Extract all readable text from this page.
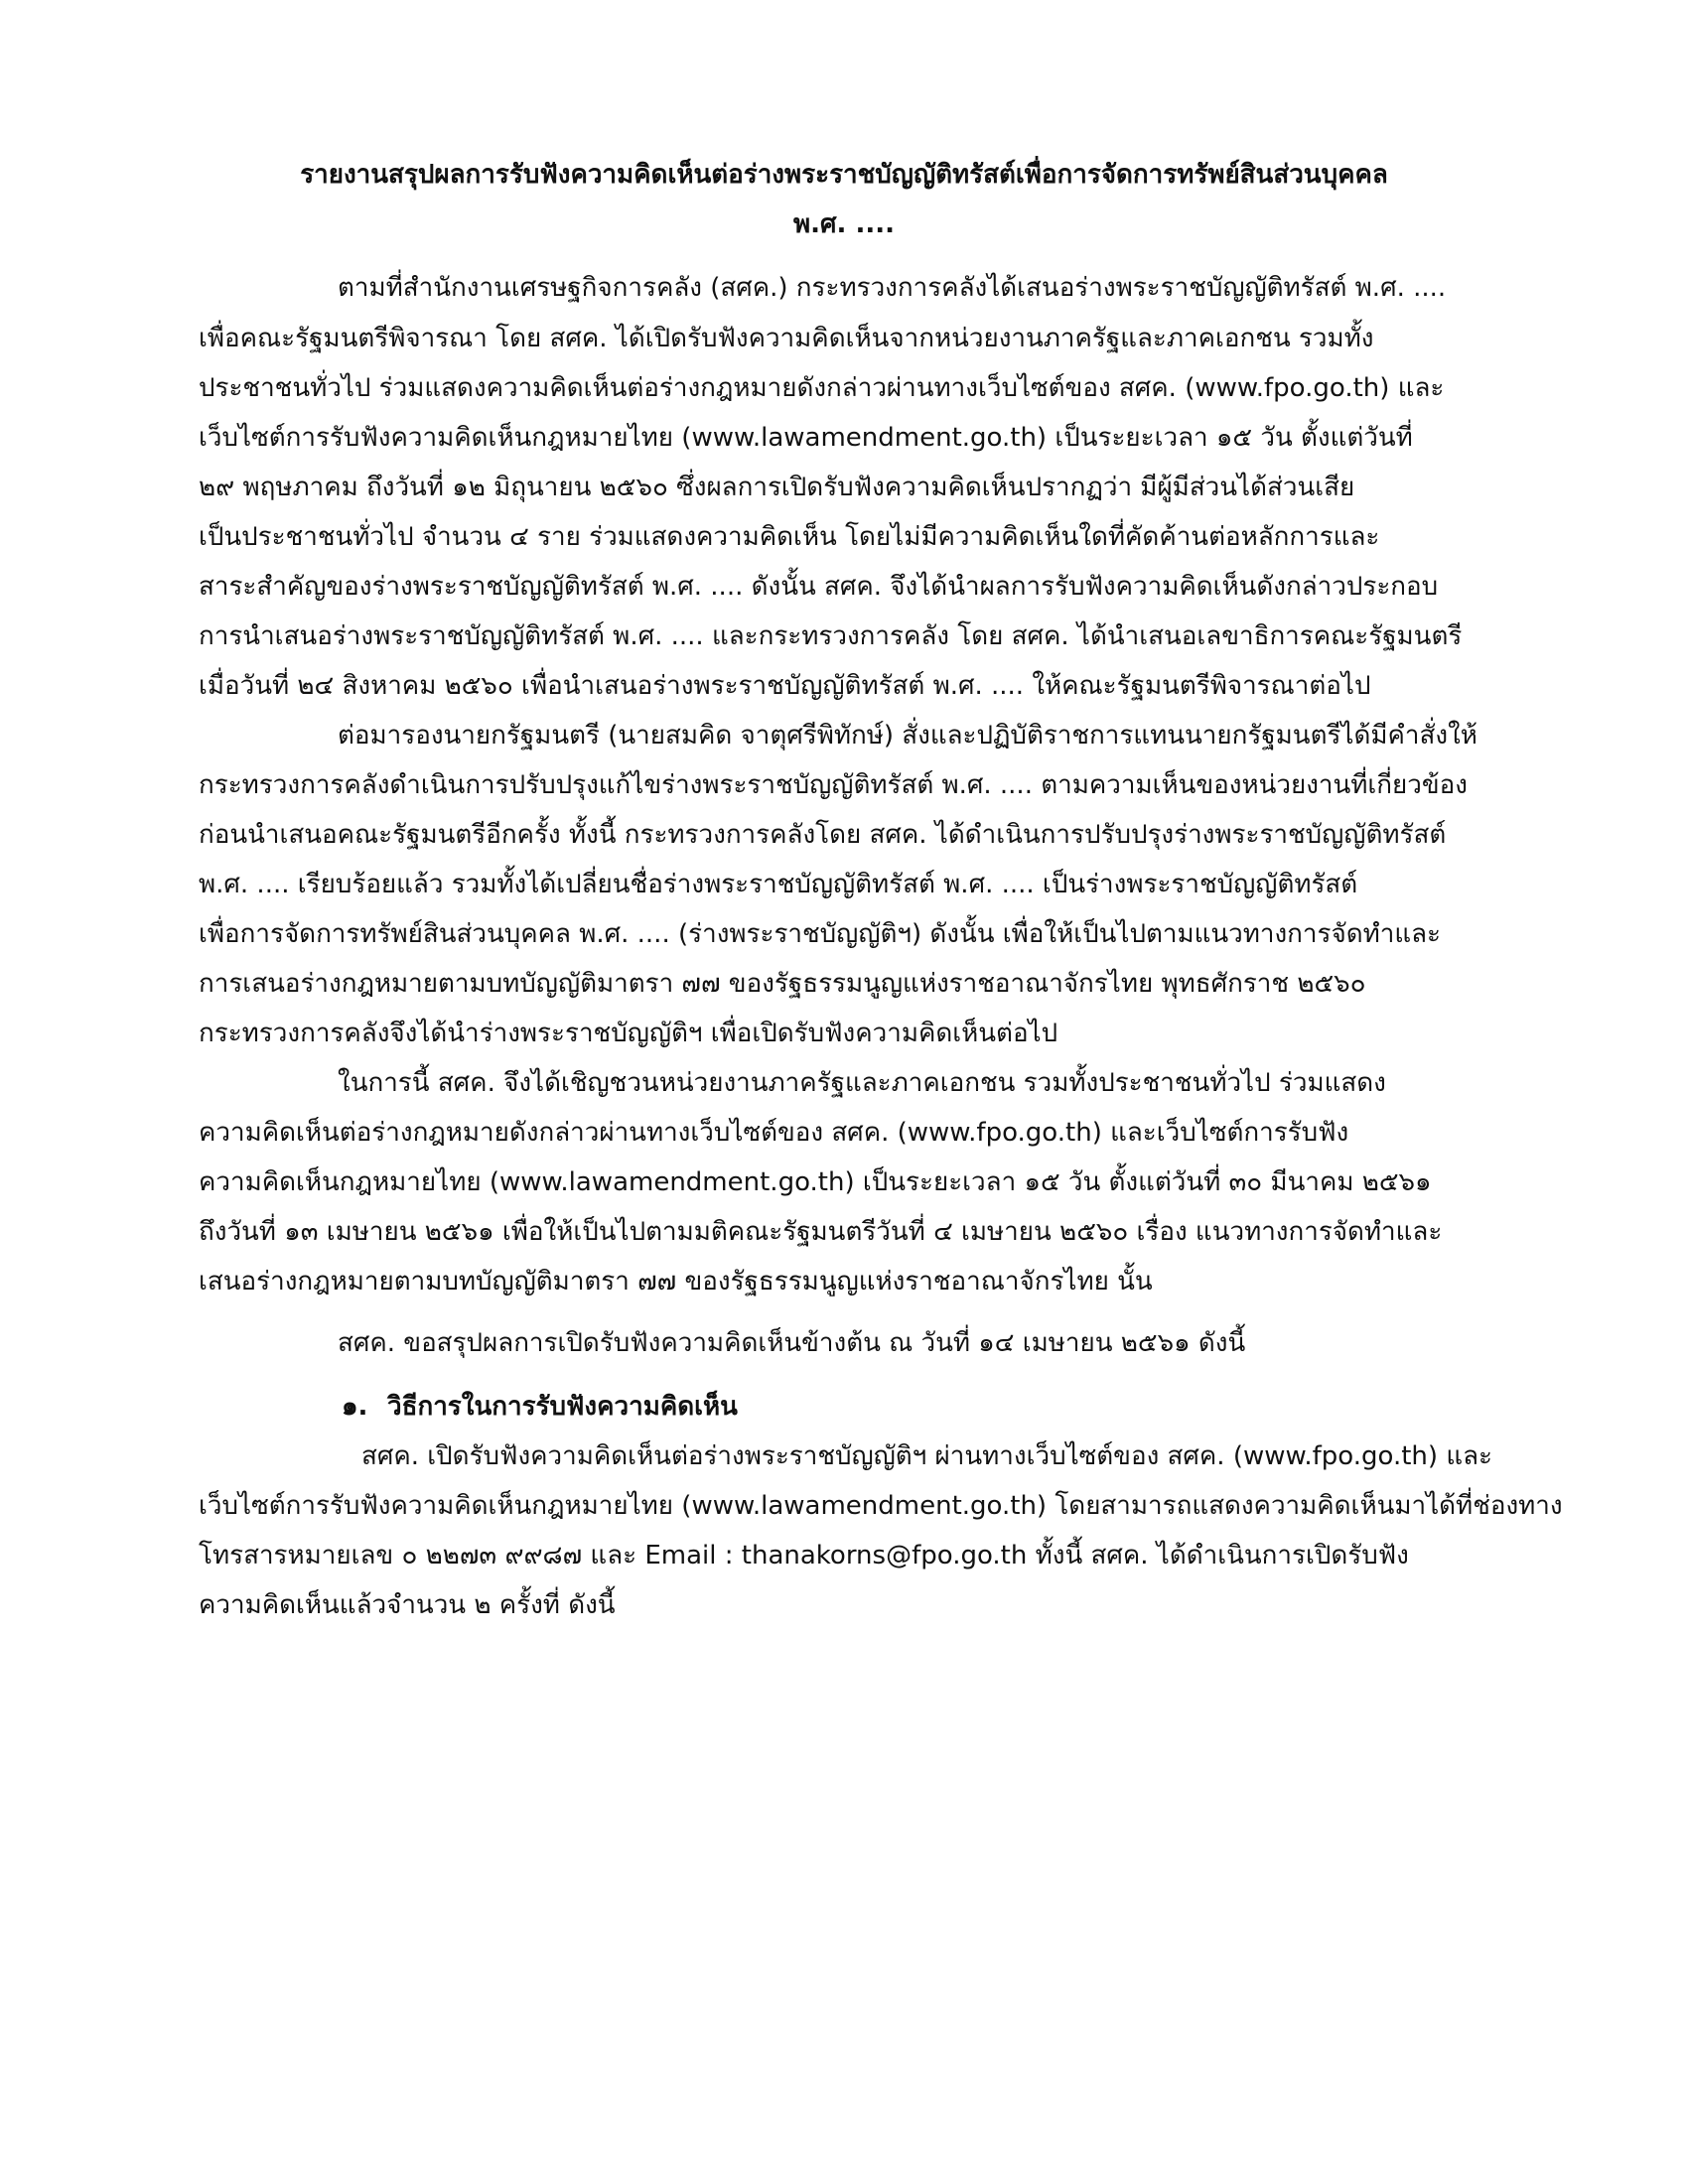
รายงานสรุปผลการรับฟังความคิดเห็นต่อร่างพระราชบัญญัติทรัสต์เพื่อการจัดการทรัพย์สินส่วนบุคคล
พ.ศ. ....
ตามที่สำนักงานเศรษฐกิจการคลัง (สศค.) กระทรวงการคลังได้เสนอร่างพระราชบัญญัติทรัสต์ พ.ศ. ....
เพื่อคณะรัฐมนตรีพิจารณา โดย สศค. ได้เปิดรับฟังความคิดเห็นจากหน่วยงานภาครัฐและภาคเอกชน รวมทั้ง
ประชาชนทั่วไป ร่วมแสดงความคิดเห็นต่อร่างกฎหมายดังกล่าวผ่านทางเว็บไซต์ของ สศค. (www.fpo.go.th) และ
เว็บไซต์การรับฟังความคิดเห็นกฎหมายไทย (www.lawamendment.go.th) เป็นระยะเวลา ๑๕ วัน ตั้งแต่วันที่
๒๙ พฤษภาคม ถึงวันที่ ๑๒ มิถุนายน ๒๕๖๐ ซึ่งผลการเปิดรับฟังความคิดเห็นปรากฏว่า มีผู้มีส่วนได้ส่วนเสีย
เป็นประชาชนทั่วไป จำนวน ๔ ราย ร่วมแสดงความคิดเห็น โดยไม่มีความคิดเห็นใดที่คัดค้านต่อหลักการและ
สาระสำคัญของร่างพระราชบัญญัติทรัสต์ พ.ศ. .... ดังนั้น สศค. จึงได้นำผลการรับฟังความคิดเห็นดังกล่าวประกอบ
การนำเสนอร่างพระราชบัญญัติทรัสต์ พ.ศ. .... และกระทรวงการคลัง โดย สศค. ได้นำเสนอเลขาธิการคณะรัฐมนตรี
เมื่อวันที่ ๒๔ สิงหาคม ๒๕๖๐ เพื่อนำเสนอร่างพระราชบัญญัติทรัสต์ พ.ศ. .... ให้คณะรัฐมนตรีพิจารณาต่อไป
ต่อมารองนายกรัฐมนตรี (นายสมคิด จาตุศรีพิทักษ์) สั่งและปฏิบัติราชการแทนนายกรัฐมนตรีได้มีคำสั่งให้
กระทรวงการคลังดำเนินการปรับปรุงแก้ไขร่างพระราชบัญญัติทรัสต์ พ.ศ. .... ตามความเห็นของหน่วยงานที่เกี่ยวข้อง
ก่อนนำเสนอคณะรัฐมนตรีอีกครั้ง ทั้งนี้ กระทรวงการคลังโดย สศค. ได้ดำเนินการปรับปรุงร่างพระราชบัญญัติทรัสต์
พ.ศ. .... เรียบร้อยแล้ว รวมทั้งได้เปลี่ยนชื่อร่างพระราชบัญญัติทรัสต์ พ.ศ. .... เป็นร่างพระราชบัญญัติทรัสต์
เพื่อการจัดการทรัพย์สินส่วนบุคคล พ.ศ. .... (ร่างพระราชบัญญัติฯ) ดังนั้น เพื่อให้เป็นไปตามแนวทางการจัดทำและ
การเสนอร่างกฎหมายตามบทบัญญัติมาตรา ๗๗ ของรัฐธรรมนูญแห่งราชอาณาจักรไทย พุทธศักราช ๒๕๖๐
กระทรวงการคลังจึงได้นำร่างพระราชบัญญัติฯ เพื่อเปิดรับฟังความคิดเห็นต่อไป
ในการนี้ สศค. จึงได้เชิญชวนหน่วยงานภาครัฐและภาคเอกชน รวมทั้งประชาชนทั่วไป ร่วมแสดง
ความคิดเห็นต่อร่างกฎหมายดังกล่าวผ่านทางเว็บไซต์ของ สศค. (www.fpo.go.th) และเว็บไซต์การรับฟัง
ความคิดเห็นกฎหมายไทย (www.lawamendment.go.th) เป็นระยะเวลา ๑๕ วัน ตั้งแต่วันที่ ๓๐ มีนาคม ๒๕๖๑
ถึงวันที่ ๑๓ เมษายน ๒๕๖๑ เพื่อให้เป็นไปตามมติคณะรัฐมนตรีวันที่ ๔ เมษายน ๒๕๖๐ เรื่อง แนวทางการจัดทำและ
เสนอร่างกฎหมายตามบทบัญญัติมาตรา ๗๗ ของรัฐธรรมนูญแห่งราชอาณาจักรไทย นั้น
สศค. ขอสรุปผลการเปิดรับฟังความคิดเห็นข้างต้น ณ วันที่ ๑๔ เมษายน ๒๕๖๑ ดังนี้
๑. วิธีการในการรับฟังความคิดเห็น
สศค. เปิดรับฟังความคิดเห็นต่อร่างพระราชบัญญัติฯ ผ่านทางเว็บไซต์ของ สศค. (www.fpo.go.th) และ
เว็บไซต์การรับฟังความคิดเห็นกฎหมายไทย (www.lawamendment.go.th) โดยสามารถแสดงความคิดเห็นมาได้ที่ช่องทาง
โทรสารหมายเลข ๐ ๒๒๗๓ ๙๙๘๗ และ Email : thanakorns@fpo.go.th ทั้งนี้ สศค. ได้ดำเนินการเปิดรับฟัง
ความคิดเห็นแล้วจำนวน ๒ ครั้งที่ ดังนี้
